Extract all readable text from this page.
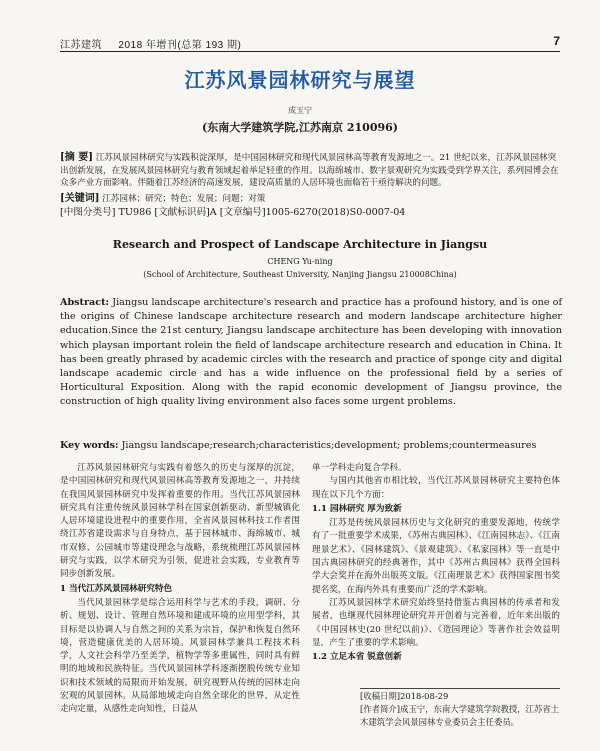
江苏建筑 2018 年增刊(总第 193 期)	7
江苏风景园林研究与展望
成玉宁
(东南大学建筑学院,江苏南京 210096)
[摘 要] 江苏风景园林研究与实践积淀深厚，是中国园林研究和现代风景园林高等教育发源地之一。21 世纪以来，江苏风景园林突出创新发展，在发展风景园林研究与教育领域起着举足轻重的作用。以海绵城市、数字景观研究为实践受到学界关注，系列园博会在众多产业方面影响。伴随着江苏经济的高速发展，建设高质量的人居环境也面临若干亟待解决的问题。
[关键词] 江苏园林；研究；特色；发展；问题；对策
[中图分类号] TU986 [文献标识码]A [文章编号]1005-6270(2018)S0-0007-04
Research and Prospect of Landscape Architecture in Jiangsu
CHENG Yu-ning
(School of Architecture, Southeast University, Nanjing Jiangsu 210008China)
Abstract: Jiangsu landscape architecture's research and practice has a profound history, and is one of the origins of Chinese landscape architecture research and modern landscape architecture higher education.Since the 21st century, Jiangsu landscape architecture has been developing with innovation which playsan important rolein the field of landscape architecture research and education in China. It has been greatly phrased by academic circles with the research and practice of sponge city and digital landscape academic circle and has a wide influence on the professional field by a series of Horticultural Exposition. Along with the rapid economic development of Jiangsu province, the construction of high quality living environment also faces some urgent problems.
Key words: Jiangsu landscape;research;characteristics;development; problems;countermeasures

江苏风景园林研究与实践有着悠久的历史与深厚的沉淀，是中国园林研究和现代风景园林高等教育发源地之一，并持续在我国风景园林研究中发挥着重要的作用。当代江苏风景园林研究具有注重传统风景园林学科在国家创新驱动、新型城镇化人居环境建设进程中的重要作用，全省风景园林科技工作者围绕江苏省建设需求与自身特点，基于园林城市、海绵城市、城市双修、公园城市等建设理念与战略，系统梳理江苏风景园林研究与实践，以学术研究为引领，促进社会实践，专业教育等同步创新发展。

1 当代江苏风景园林研究特色

当代风景园林学是综合运用科学与艺术的手段，调研、分析、规划、设计、管理自然环境和建成环境的应用型学科，其目标是以协调人与自然之间的关系为宗旨，保护和恢复自然环境，营造健康优美的人居环境。风景园林学兼具工程技术科学，人文社会科学乃至美学，植物学等多重属性，同时具有鲜明的地域和民族特征。当代风景园林学科逐渐摆脱传统专业知识和技术领域的局限而开始发展，研究视野从传统的园林走向宏观的风景园林。从局部地域走向自然全球化的世界，从定性走向定量，从感性走向知性，日益从

单一学科走向复合学科。

与国内其他省市相比较，当代江苏风景园林研究主要特色体现在以下几个方面：

1.1 园林研究 厚为致新

江苏是传统风景园林历史与文化研究的重要发源地，传统学有了一批重要学术成果，《苏州古典园林》、《江南园林志》、《江南理景艺术》、《园林建筑》、《景观建筑》、《私家园林》等一直是中国古典园林研究的经典著作，其中《苏州古典园林》获得全国科学大会奖并在海外出版英文版。《江南理景艺术》获得国家图书奖提名奖，在海内外具有重要而广泛的学术影响。

江苏风景园林学术研究始终坚持借鉴古典园林的传承者和发展者，也继现代园林理论研究并开创着与完善着，近年来出版的《中国园林史(20 世纪以前)》、《造园理论》等著作社会效益明显，产生了重要的学术影响。

1.2 立足本省 锐意创新
[收稿日期]2018-08-29
[作者简介]成玉宁，东南大学建筑学院教授，江苏省土木建筑学会风景园林专业委员会主任委员。
